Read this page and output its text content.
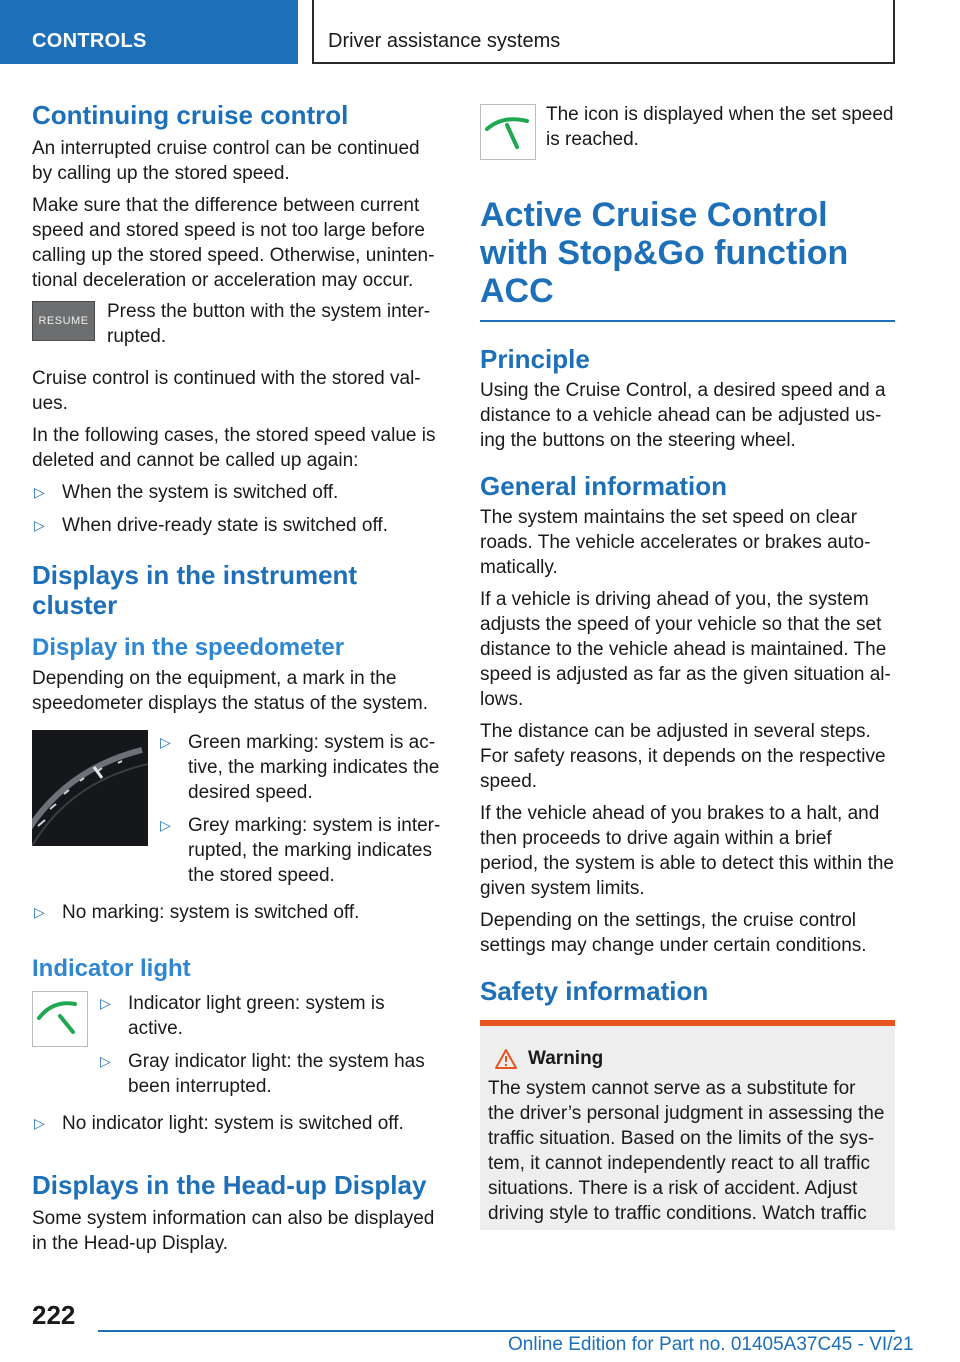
CONTROLS	Driver assistance systems
Continuing cruise control

An interrupted cruise control can be continued by calling up the stored speed.

Make sure that the difference between current speed and stored speed is not too large before calling up the stored speed. Otherwise, uninten-tional deceleration or acceleration may occur.

RESUME Press the button with the system inter-rupted.

Cruise control is continued with the stored val-ues.

In the following cases, the stored speed value is deleted and cannot be called up again:

▷ When the system is switched off.
▷ When drive-ready state is switched off.
Displays in the instrument cluster
Display in the speedometer

Depending on the equipment, a mark in the speedometer displays the status of the system.

▷ Green marking: system is ac-tive, the marking indicates the desired speed.
▷ Grey marking: system is inter-rupted, the marking indicates the stored speed.
▷ No marking: system is switched off.
Indicator light
▷ Indicator light green: system is active.
▷ Gray indicator light: the system has been interrupted.
▷ No indicator light: system is switched off.
Displays in the Head-up Display

Some system information can also be displayed in the Head-up Display.

The icon is displayed when the set speed is reached.

Active Cruise Control with Stop&Go function ACC
Principle

Using the Cruise Control, a desired speed and a distance to a vehicle ahead can be adjusted us-ing the buttons on the steering wheel.

General information

The system maintains the set speed on clear roads. The vehicle accelerates or brakes auto-matically.

If a vehicle is driving ahead of you, the system adjusts the speed of your vehicle so that the set distance to the vehicle ahead is maintained. The speed is adjusted as far as the given situation al-lows.

The distance can be adjusted in several steps. For safety reasons, it depends on the respective speed.

If the vehicle ahead of you brakes to a halt, and then proceeds to drive again within a brief period, the system is able to detect this within the given system limits.

Depending on the settings, the cruise control settings may change under certain conditions.

Safety information
Warning

The system cannot serve as a substitute for the driver’s personal judgment in assessing the traffic situation. Based on the limits of the sys-tem, it cannot independently react to all traffic situations. There is a risk of accident. Adjust driving style to traffic conditions. Watch traffic

222
Online Edition for Part no. 01405A37C45 - VI/21
